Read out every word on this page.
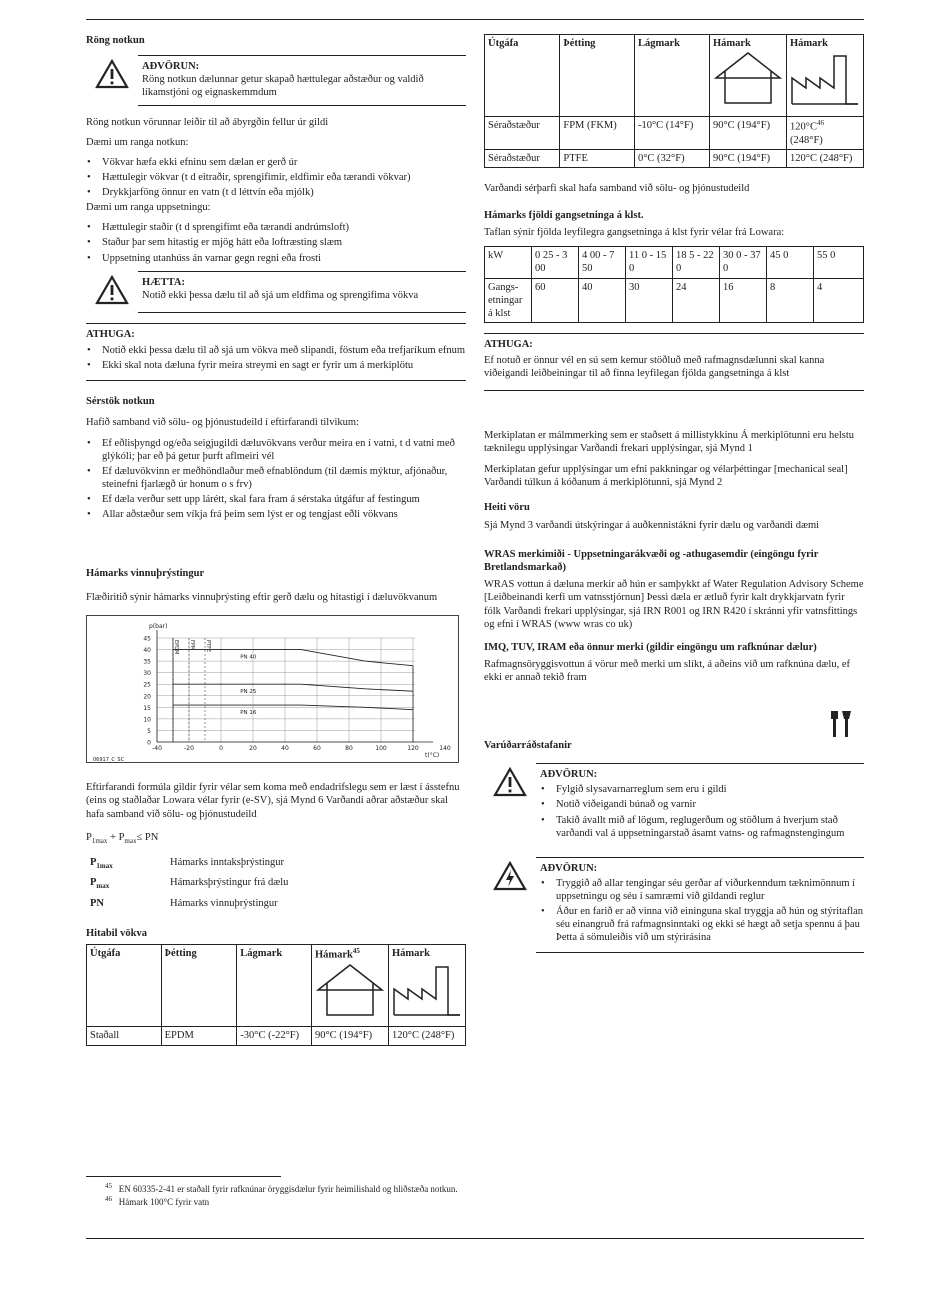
Röng notkun
AÐVÖRUN:
Röng notkun dælunnar getur skapað hættulegar aðstæður og valdið líkamstjóni og eignaskemmdum

Röng notkun vörunnar leiðir til að ábyrgðin fellur úr gildi

Dæmi um ranga notkun:

• Vökvar hæfa ekki efninu sem dælan er gerð úr
• Hættulegir vökvar (t d eitraðir, sprengifimir, eldfimir eða tærandi vökvar)
• Drykkjarföng önnur en vatn (t d léttvín eða mjólk)

Dæmi um ranga uppsetningu:

• Hættulegir staðir (t d sprengifimt eða tærandi andrúmsloft)
• Staður þar sem hitastig er mjög hátt eða loftræsting slæm
• Uppsetning utanhúss án varnar gegn regni eða frosti
HÆTTA:
Notið ekki þessa dælu til að sjá um eldfima og sprengifima vökva
ATHUGA:
• Notið ekki þessa dælu til að sjá um vökva með slípandi, föstum eða trefjaríkum efnum
• Ekki skal nota dæluna fyrir meira streymi en sagt er fyrir um á merkiplötu
Sérstök notkun

Hafið samband við sölu- og þjónustudeild í eftirfarandi tilvikum:

• Ef eðlisþyngd og/eða seigjugildi dæluvökvans verður meira en í vatni, t d vatni með glýkóli; þar eð þá getur þurft aflmeiri vél
• Ef dæluvökvinn er meðhöndlaður með efnablöndum (til dæmis mýktur, afjónaður, steinefni fjarlægð úr honum o s frv)
• Ef dæla verður sett upp lárétt, skal fara fram á sérstaka útgáfur af festingum
• Allar aðstæður sem víkja frá þeim sem lýst er og tengjast eðli vökvans
Hámarks vinnuþrýstingur

Flæðiritið sýnir hámarks vinnuþrýsting eftir gerð dælu og hitastigi í dæluvökvanum

0
5
10
15
20
25
30
35
40
45
-40	-20	0	20	40	60	80	100	120	140
p(bar)
t(°C)
06917_C_SC
EPDM FPM PTFE
PN 40
PN 25
PN 16

Eftirfarandi formúla gildir fyrir vélar sem koma með endadrifslegu sem er læst í ásstefnu (eins og staðlaðar Lowara vélar fyrir (e-SV), sjá Mynd 6 Varðandi aðrar aðstæður skal hafa samband við sölu- og þjónustudeild

$P_{1max} + P_{max}\le$ PN

$P_{1max}$	Hámarks inntaksþrýstingur
$P_{max}$	Hámarksþrýstingur frá dælu
PN	Hámarks vinnuþrýstingur
Hitabil vökva
Útgáfa	Þétting	Lágmark	Hámark$^{45}$	Hámark

Staðall	EPDM	-30°C (-22°F)	90°C (194°F)	120°C (248°F)
Útgáfa	Þétting	Lágmark	Hámark	Hámark

Séraðstæður	FPM (FKM)	-10°C (14°F)	90°C (194°F)	$120^\circ C^{46}$
(248°F)
Séraðstæður	PTFE	0°C (32°F)	90°C (194°F)	120°C (248°F)

Varðandi sérþarfi skal hafa samband við sölu- og þjónustudeild

Hámarks fjöldi gangsetninga á klst.

Taflan sýnir fjölda leyfilegra gangsetninga á klst fyrir vélar frá Lowara:

kW	0 25 - 3 00	4 00 - 7 50	11 0 - 15 0	18 5 - 22 0	30 0 - 37 0	45 0	55 0
Gangs-etningar á klst	60	40	30	24	16	8	4
ATHUGA:
Ef notuð er önnur vél en sú sem kemur stöðluð með rafmagnsdælunni skal kanna viðeigandi leiðbeiningar til að finna leyfilegan fjölda gangsetninga á klst

Merkiplatan er málmmerking sem er staðsett á millistykkinu Á merkiplötunni eru helstu tæknilegu upplýsingar Varðandi frekari upplýsingar, sjá Mynd 1

Merkiplatan gefur upplýsingar um efni pakkningar og vélarþéttingar [mechanical seal] Varðandi túlkun á kóðanum á merkiplötunni, sjá Mynd 2

Heiti vöru

Sjá Mynd 3 varðandi útskýringar á auðkennistákni fyrir dælu og varðandi dæmi

WRAS merkimiði - Uppsetningarákvæði og -athugasemdir (eingöngu fyrir Bretlandsmarkað)

WRAS vottun á dæluna merkir að hún er samþykkt af Water Regulation Advisory Scheme [Leiðbeinandi kerfi um vatnsstjórnun] Þessi dæla er ætluð fyrir kalt drykkjarvatn fyrir fólk Varðandi frekari upplýsingar, sjá IRN R001 og IRN R420 í skránni yfir vatnsfittings og efni í WRAS (www wras co uk)

IMQ, TUV, IRAM eða önnur merki (gildir eingöngu um rafknúnar dælur)

Rafmagnsöryggisvottun á vörur með merki um slíkt, á aðeins við um rafknúna dælu, ef ekki er annað tekið fram

Varúðarráðstafanir
AÐVÖRUN:
• Fylgið slysavarnarreglum sem eru í gildi
• Notið viðeigandi búnað og varnir
• Takið ávallt mið af lögum, reglugerðum og stöðlum á hverjum stað varðandi val á uppsetningarstað ásamt vatns- og rafmagnstengingum
AÐVÖRUN:
• Tryggið að allar tengingar séu gerðar af viðurkenndum tæknimönnum í uppsetningu og séu í samræmi við gildandi reglur
• Áður en farið er að vinna við eininguna skal tryggja að hún og stýritaflan séu einangruð frá rafmagnsinntaki og ekki sé hægt að setja spennu á þau Þetta á sömuleiðis við um stýrirásina
$^{45}$ EN 60335-2-41 er staðall fyrir rafknúnar öryggisdælur fyrir heimilishald og hliðstæða notkun.
$^{46}$ Hámark 100°C fyrir vatn
